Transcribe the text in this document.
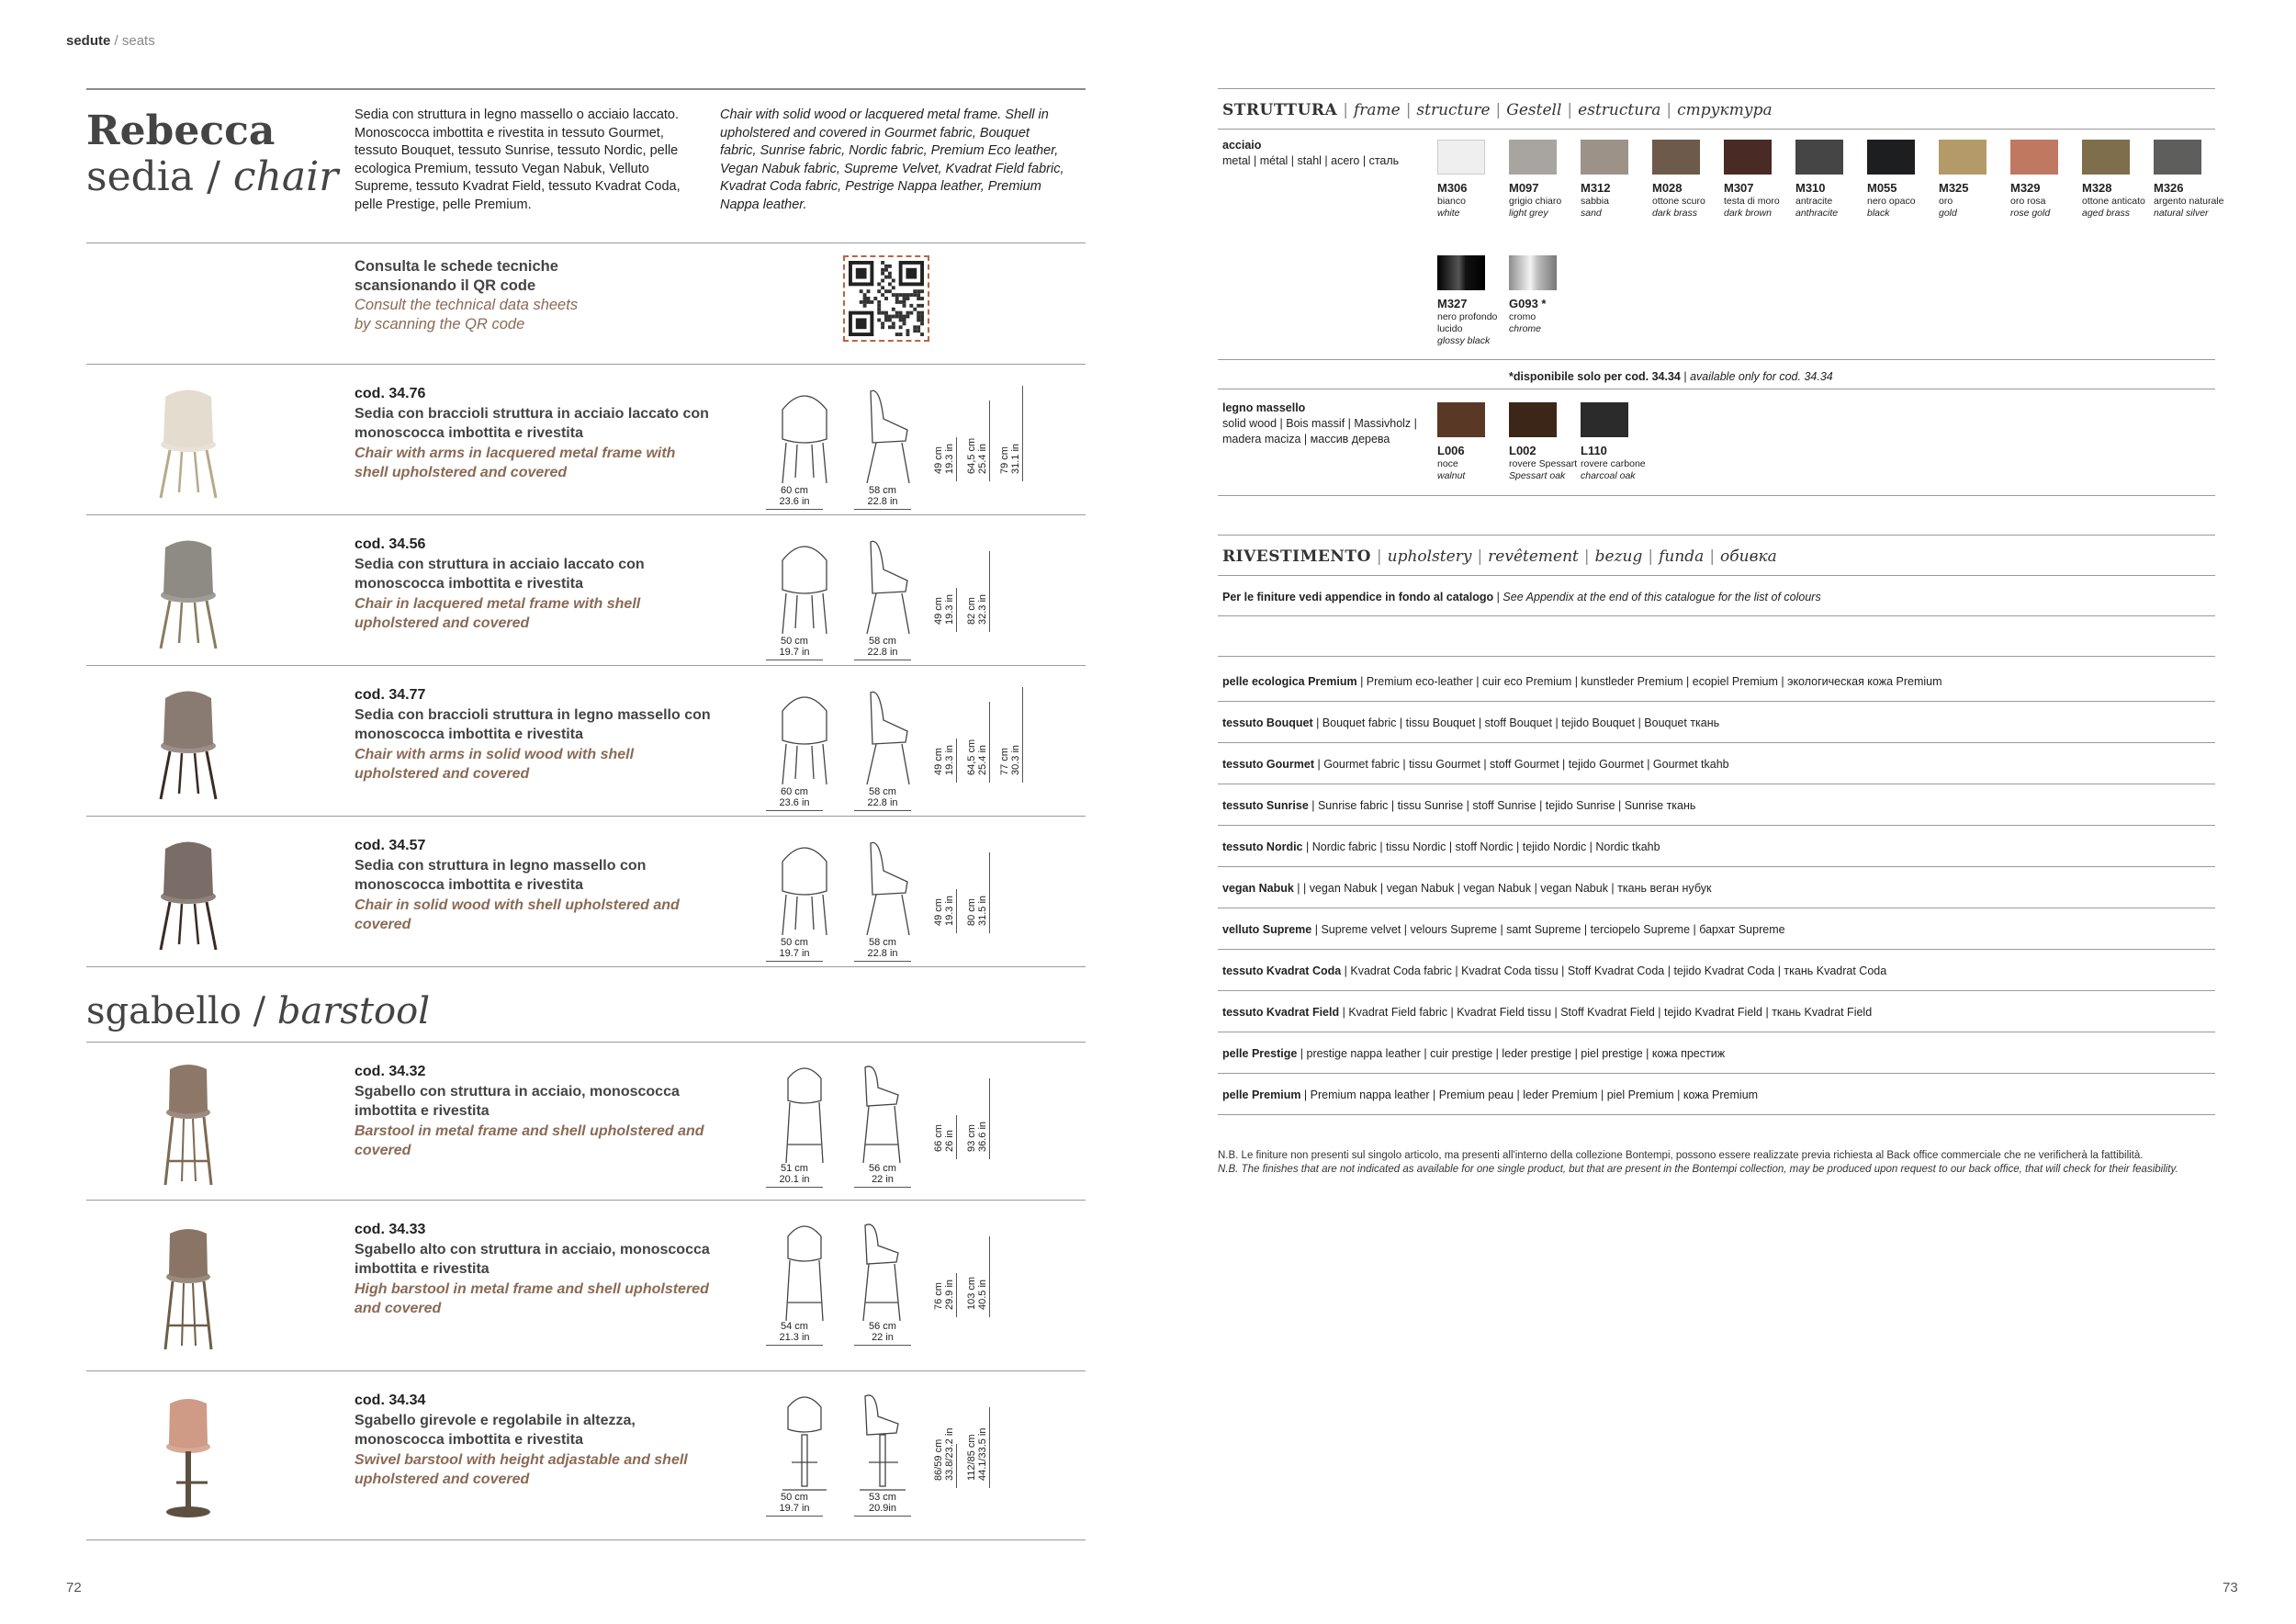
sedute / seats
Rebecca
sedia / chair
Sedia con struttura in legno massello o acciaio laccato. Monoscocca imbottita e rivestita in tessuto Gourmet, tessuto Bouquet, tessuto Sunrise, tessuto Nordic, pelle ecologica Premium, tessuto Vegan Nabuk, Velluto Supreme, tessuto Kvadrat Field, tessuto Kvadrat Coda, pelle Prestige, pelle Premium.
Chair with solid wood or lacquered metal frame. Shell in upholstered and covered in Gourmet fabric, Bouquet fabric, Sunrise fabric, Nordic fabric, Premium Eco leather, Vegan Nabuk fabric, Supreme Velvet, Kvadrat Field fabric, Kvadrat Coda fabric, Pestrige Nappa leather, Premium Nappa leather.
Consulta le schede tecniche
scansionando il QR code
Consult the technical data sheets
by scanning the QR code
cod. 34.76
Sedia con braccioli struttura in acciaio laccato con monoscocca imbottita e rivestita
Chair with arms in lacquered metal frame with shell upholstered and covered
60 cm
23.6 in
58 cm
22.8 in
49 cm 19.3 in 64,5 cm 25.4 in 79 cm 31.1 in
cod. 34.56
Sedia con struttura in acciaio laccato con monoscocca imbottita e rivestita
Chair in lacquered metal frame with shell upholstered and covered
50 cm
19.7 in
58 cm
22.8 in
49 cm 19.3 in 82 cm 32.3 in
cod. 34.77
Sedia con braccioli struttura in legno massello con monoscocca imbottita e rivestita
Chair with arms in solid wood with shell upholstered and covered
60 cm
23.6 in
58 cm
22.8 in
49 cm 19.3 in 64,5 cm 25.4 in 77 cm 30.3 in
cod. 34.57
Sedia con struttura in legno massello con monoscocca imbottita e rivestita
Chair in solid wood with shell upholstered and covered
50 cm
19.7 in
58 cm
22.8 in
49 cm 19.3 in 80 cm 31.5 in
sgabello / barstool
cod. 34.32
Sgabello con struttura in acciaio, monoscocca imbottita e rivestita
Barstool in metal frame and shell upholstered and covered
51 cm
20.1 in
56 cm
22 in
66 cm 26 in 93 cm 36.6 in
cod. 34.33
Sgabello alto con struttura in acciaio, monoscocca imbottita e rivestita
High barstool in metal frame and shell upholstered and covered
54 cm
21.3 in
56 cm
22 in
76 cm 29.9 in 103 cm 40.5 in
cod. 34.34
Sgabello girevole e regolabile in altezza, monoscocca imbottita e rivestita
Swivel barstool with height adjastable and shell upholstered and covered
50 cm
19.7 in
53 cm
20.9in
86/59 cm 33.8/23.2 in 112/85 cm 44.1/33.5 in
72
STRUTTURA | frame | structure | Gestell | estructura | структура
acciaio
metal | métal | stahl | acero | сталь
M306
bianco
white
M097
grigio chiaro
light grey
M312
sabbia
sand
M028
ottone scuro
dark brass
M307
testa di moro
dark brown
M310
antracite
anthracite
M055
nero opaco
black
M325
oro
gold
M329
oro rosa
rose gold
M328
ottone anticato
aged brass
M326
argento naturale
natural silver
M327
nero profondo lucido
glossy black
G093 *
cromo
chrome
*disponibile solo per cod. 34.34 | available only for cod. 34.34
legno massello
solid wood | Bois massif | Massivholz | madera maciza | массив дерева
L006
noce
walnut
L002
rovere Spessart
Spessart oak
L110
rovere carbone
charcoal oak
RIVESTIMENTO | upholstery | revêtement | bezug | funda | обивка
Per le finiture vedi appendice in fondo al catalogo | See Appendix at the end of this catalogue for the list of colours
pelle ecologica Premium | Premium eco-leather | cuir eco Premium | kunstleder Premium | ecopiel Premium | экологическая кожа Premium
tessuto Bouquet | Bouquet fabric | tissu Bouquet | stoff Bouquet | tejido Bouquet | Bouquet ткань
tessuto Gourmet | Gourmet fabric | tissu Gourmet | stoff Gourmet | tejido Gourmet | Gourmet tkahb
tessuto Sunrise | Sunrise fabric | tissu Sunrise | stoff Sunrise | tejido Sunrise | Sunrise ткань
tessuto Nordic | Nordic fabric | tissu Nordic | stoff Nordic | tejido Nordic | Nordic tkahb
vegan Nabuk | | vegan Nabuk | vegan Nabuk | vegan Nabuk | vegan Nabuk | ткань веган нубук
velluto Supreme | Supreme velvet | velours Supreme | samt Supreme | terciopelo Supreme | бархат Supreme
tessuto Kvadrat Coda | Kvadrat Coda fabric | Kvadrat Coda tissu | Stoff Kvadrat Coda | tejido Kvadrat Coda | ткань Kvadrat Coda
tessuto Kvadrat Field | Kvadrat Field fabric | Kvadrat Field tissu | Stoff Kvadrat Field | tejido Kvadrat Field | ткань Kvadrat Field
pelle Prestige | prestige nappa leather | cuir prestige | leder prestige | piel prestige | кожа престиж
pelle Premium | Premium nappa leather | Premium peau | leder Premium | piel Premium | кожа Premium
N.B. Le finiture non presenti sul singolo articolo, ma presenti all'interno della collezione Bontempi, possono essere realizzate previa richiesta al Back office commerciale che ne verificherà la fattibilità.
N.B. The finishes that are not indicated as available for one single product, but that are present in the Bontempi collection, may be produced upon request to our back office, that will check for their feasibility.
73
